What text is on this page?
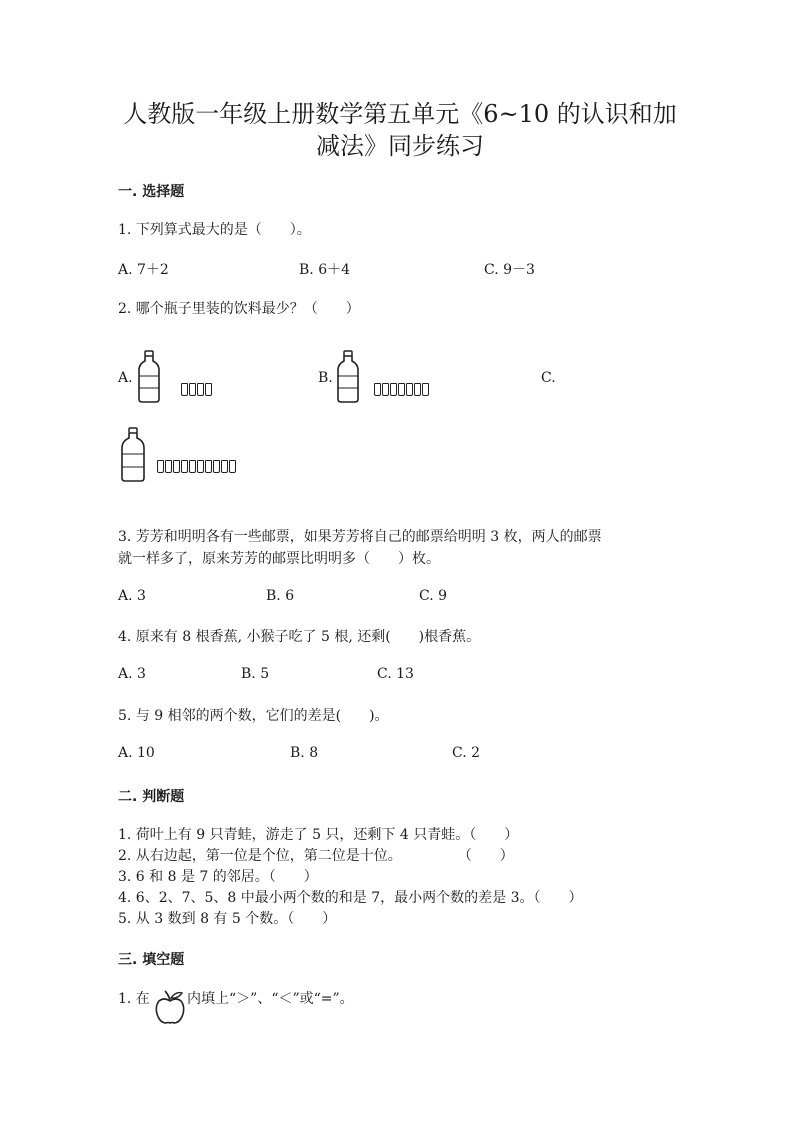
人教版一年级上册数学第五单元《6~10 的认识和加
减法》同步练习
一. 选择题
1. 下列算式最大的是（　　）。
A. 7＋2	B. 6＋4	C. 9－3
2. 哪个瓶子里装的饮料最少？（　　）
A.	B.	C.
3. 芳芳和明明各有一些邮票，如果芳芳将自己的邮票给明明 3 枚，两人的邮票
就一样多了，原来芳芳的邮票比明明多（　　）枚。
A. 3	B. 6	C. 9
4. 原来有 8 根香蕉, 小猴子吃了 5 根, 还剩(　　)根香蕉。
A. 3	B. 5	C. 13
5. 与 9 相邻的两个数，它们的差是(　　)。
A. 10	B. 8	C. 2
二. 判断题
1. 荷叶上有 9 只青蛙，游走了 5 只，还剩下 4 只青蛙。（　　）
2. 从右边起，第一位是个位，第二位是十位。　　　　　（　　）
3. 6 和 8 是 7 的邻居。（　　）
4. 6、2、7、5、8 中最小两个数的和是 7，最小两个数的差是 3。（　　）
5. 从 3 数到 8 有 5 个数。（　　）
三. 填空题
1. 在	内填上“＞”、“＜”或“=”。
